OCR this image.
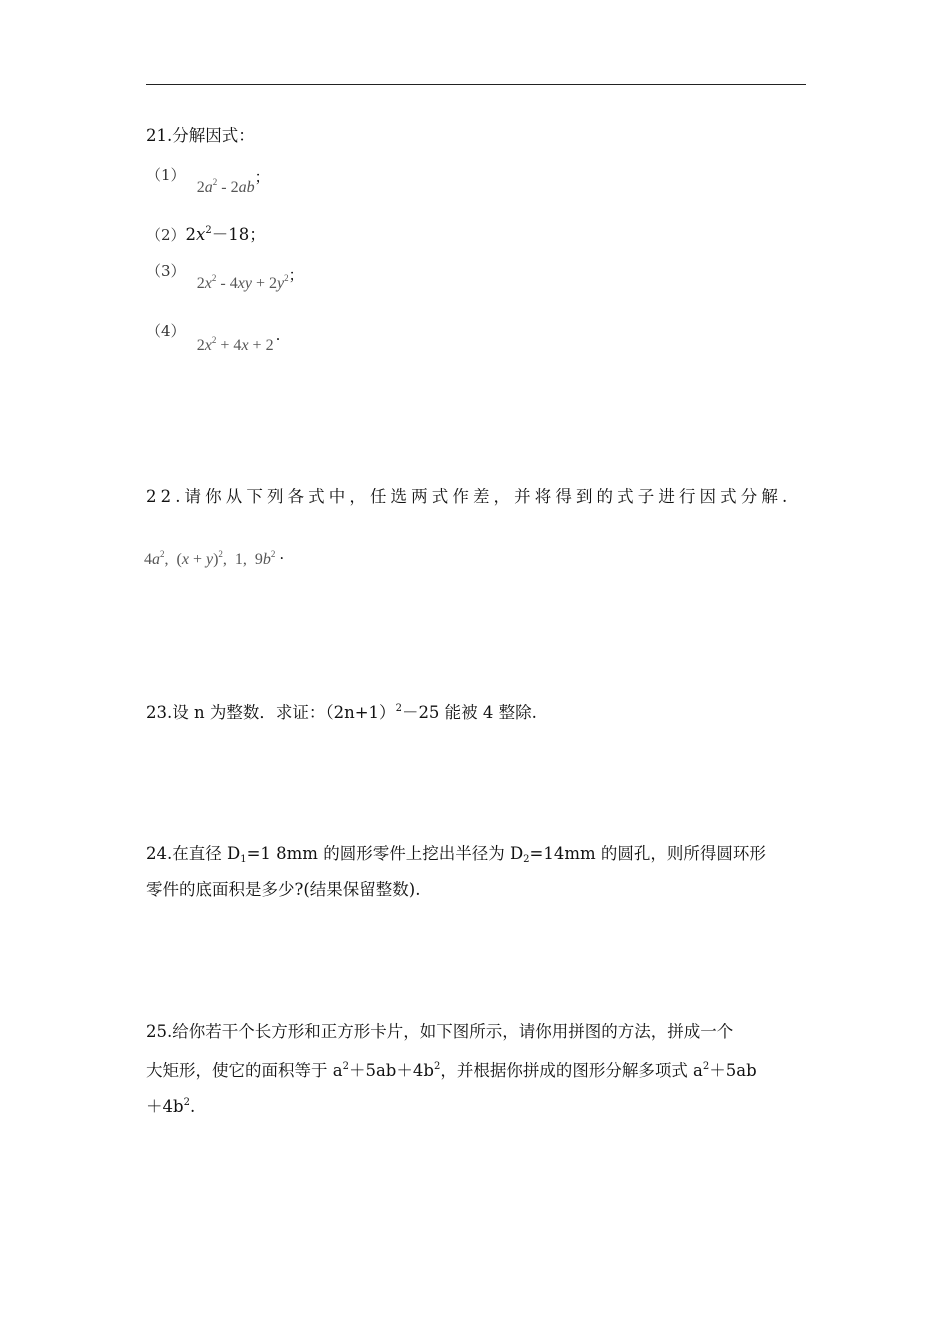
21.分解因式：
（1） $2a^2 - 2ab$；
$(2)2x^2-18$；
（3） $2x^2 - 4xy + 2y^2$；
（4） $2x^2 + 4x + 2$.
22.请你从下列各式中，任选两式作差，并将得到的式子进行因式分解.
$4a^2$,  $(x + y)^2$,  1,  $9b^2$ .
23.设 n 为整数．求证：$(2n+1)^2-25$ 能被 4 整除.
24.在直径 $D_1=1$ 8mm 的圆形零件上挖出半径为 $D_2=14mm$ 的圆孔，则所得圆环形
零件的底面积是多少?(结果保留整数).
25.给你若干个长方形和正方形卡片，如下图所示，请你用拼图的方法，拼成一个
大矩形，使它的面积等于 $a^2+5ab+4b^2$，并根据你拼成的图形分解多项式 $a^2+5ab$
$+4b^2$.
